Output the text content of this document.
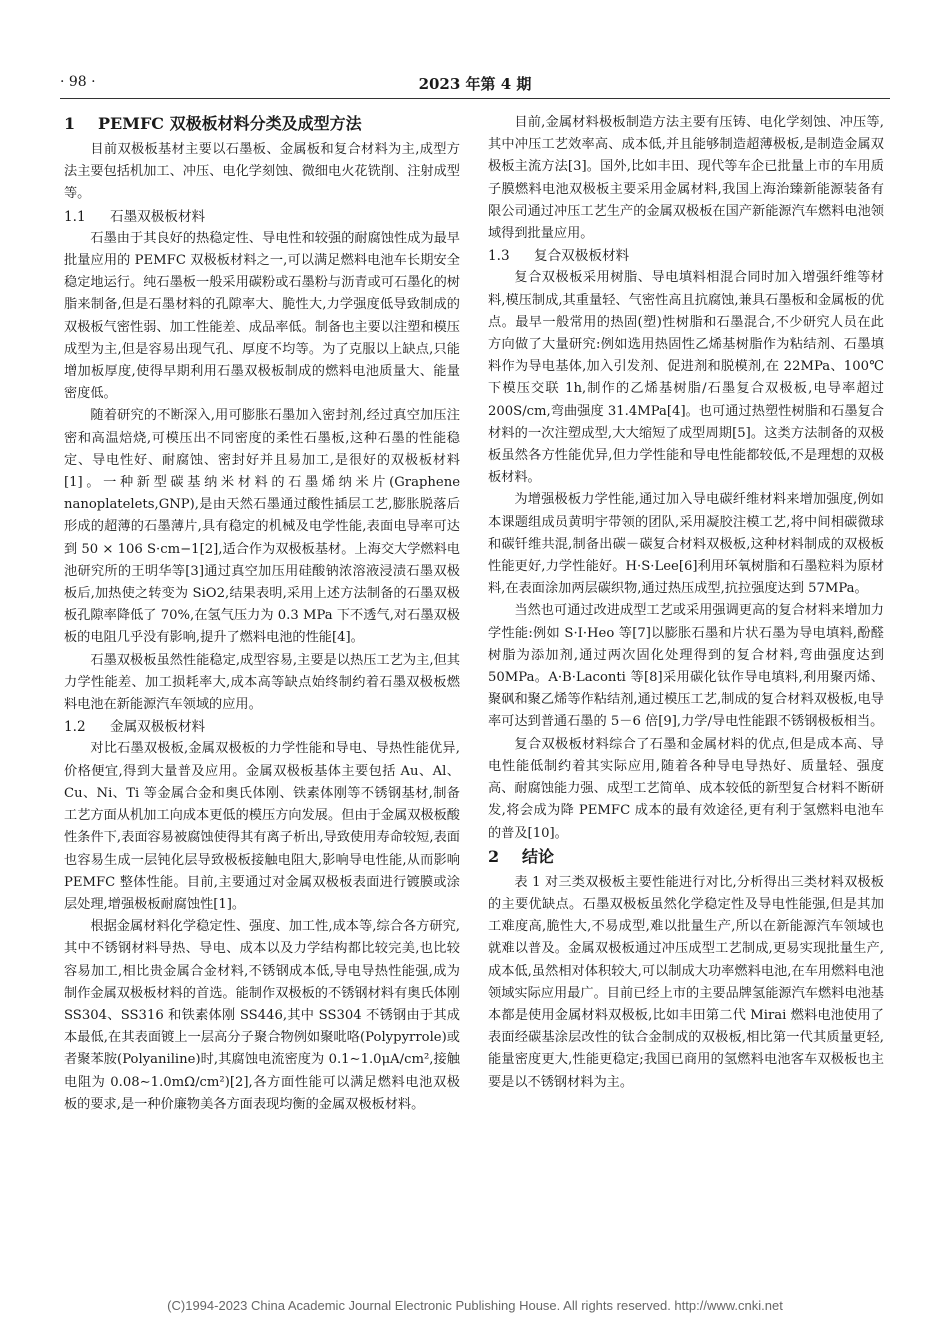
· 98 ·	2023 年第 4 期
1 PEMFC 双极板材料分类及成型方法

目前双极板基材主要以石墨板、金属板和复合材料为主,成型方法主要包括机加工、冲压、电化学刻蚀、微细电火花铣削、注射成型等。

1.1 石墨双极板材料

石墨由于其良好的热稳定性、导电性和较强的耐腐蚀性成为最早批量应用的 PEMFC 双极板材料之一,可以满足燃料电池车长期安全稳定地运行。纯石墨板一般采用碳粉或石墨粉与沥青或可石墨化的树脂来制备,但是石墨材料的孔隙率大、脆性大,力学强度低导致制成的双极板气密性弱、加工性能差、成品率低。制备也主要以注塑和模压成型为主,但是容易出现气孔、厚度不均等。为了克服以上缺点,只能增加板厚度,使得早期利用石墨双极板制成的燃料电池质量大、能量密度低。

随着研究的不断深入,用可膨胀石墨加入密封剂,经过真空加压注密和高温焙烧,可模压出不同密度的柔性石墨板,这种石墨的性能稳定、导电性好、耐腐蚀、密封好并且易加工,是很好的双极板材料[1]。一种新型碳基纳米材料的石墨烯纳米片(Graphene nanoplatelets,GNP),是由天然石墨通过酸性插层工艺,膨胀脱落后形成的超薄的石墨薄片,具有稳定的机械及电学性能,表面电导率可达到 50 × 106 S·cm−1[2],适合作为双极板基材。上海交大学燃料电池研究所的王明华等[3]通过真空加压用硅酸钠浓溶液浸渍石墨双极板后,加热使之转变为 SiO2,结果表明,采用上述方法制备的石墨双极板孔隙率降低了 70%,在氢气压力为 0.3 MPa 下不透气,对石墨双极板的电阻几乎没有影响,提升了燃料电池的性能[4]。

石墨双极板虽然性能稳定,成型容易,主要是以热压工艺为主,但其力学性能差、加工损耗率大,成本高等缺点始终制约着石墨双极板燃料电池在新能源汽车领域的应用。

1.2 金属双极板材料

对比石墨双极板,金属双极板的力学性能和导电、导热性能优异,价格便宜,得到大量普及应用。金属双极板基体主要包括 Au、Al、Cu、Ni、Ti 等金属合金和奥氏体刚、铁素体刚等不锈钢基材,制备工艺方面从机加工向成本更低的模压方向发展。但由于金属双极板酸性条件下,表面容易被腐蚀使得其有离子析出,导致使用寿命较短,表面也容易生成一层钝化层导致极板接触电阻大,影响导电性能,从而影响 PEMFC 整体性能。目前,主要通过对金属双极板表面进行镀膜或涂层处理,增强极板耐腐蚀性[1]。

根据金属材料化学稳定性、强度、加工性,成本等,综合各方研究,其中不锈钢材料导热、导电、成本以及力学结构都比较完美,也比较容易加工,相比贵金属合金材料,不锈钢成本低,导电导热性能强,成为制作金属双极板材料的首选。能制作双极板的不锈钢材料有奥氏体刚 SS304、SS316 和铁素体刚 SS446,其中 SS304 不锈钢由于其成本最低,在其表面镀上一层高分子聚合物例如聚吡咯(Polypyrrole)或者聚苯胺(Polyaniline)时,其腐蚀电流密度为 0.1∼1.0μA/cm²,接触电阻为 0.08∼1.0mΩ/cm²)[2],各方面性能可以满足燃料电池双极板的要求,是一种价廉物美各方面表现均衡的金属双极板材料。

目前,金属材料极板制造方法主要有压铸、电化学刻蚀、冲压等,其中冲压工艺效率高、成本低,并且能够制造超薄极板,是制造金属双极板主流方法[3]。国外,比如丰田、现代等车企已批量上市的车用质子膜燃料电池双极板主要采用金属材料,我国上海治臻新能源装备有限公司通过冲压工艺生产的金属双极板在国产新能源汽车燃料电池领域得到批量应用。

1.3 复合双极板材料

复合双极板采用树脂、导电填料相混合同时加入增强纤维等材料,模压制成,其重量轻、气密性高且抗腐蚀,兼具石墨板和金属板的优点。最早一般常用的热固(塑)性树脂和石墨混合,不少研究人员在此方向做了大量研究:例如选用热固性乙烯基树脂作为粘结剂、石墨填料作为导电基体,加入引发剂、促进剂和脱模剂,在 22MPa、100℃下模压交联 1h,制作的乙烯基树脂/石墨复合双极板,电导率超过 200S/cm,弯曲强度 31.4MPa[4]。也可通过热塑性树脂和石墨复合材料的一次注塑成型,大大缩短了成型周期[5]。这类方法制备的双极板虽然各方性能优异,但力学性能和导电性能都较低,不是理想的双极板材料。

为增强极板力学性能,通过加入导电碳纤维材料来增加强度,例如本课题组成员黄明宇带领的团队,采用凝胶注模工艺,将中间相碳微球和碳钎维共混,制备出碳－碳复合材料双极板,这种材料制成的双极板性能更好,力学性能好。H·S·Lee[6]利用环氧树脂和石墨粒料为原材料,在表面涂加两层碳织物,通过热压成型,抗拉强度达到 57MPa。

当然也可通过改进成型工艺或采用强调更高的复合材料来增加力学性能:例如 S·I·Heo 等[7]以膨胀石墨和片状石墨为导电填料,酚醛树脂为添加剂,通过两次固化处理得到的复合材料,弯曲强度达到 50MPa。A·B·Laconti 等[8]采用碳化钛作导电填料,利用聚丙烯、聚砜和聚乙烯等作粘结剂,通过模压工艺,制成的复合材料双极板,电导率可达到普通石墨的 5－6 倍[9],力学/导电性能跟不锈钢极板相当。

复合双极板材料综合了石墨和金属材料的优点,但是成本高、导电性能低制约着其实际应用,随着各种导电导热好、质量轻、强度高、耐腐蚀能力强、成型工艺简单、成本较低的新型复合材料不断研发,将会成为降 PEMFC 成本的最有效途径,更有利于氢燃料电池车的普及[10]。

2 结论

表 1 对三类双极板主要性能进行对比,分析得出三类材料双极板的主要优缺点。石墨双极板虽然化学稳定性及导电性能强,但是其加工难度高,脆性大,不易成型,难以批量生产,所以在新能源汽车领域也就难以普及。金属双极板通过冲压成型工艺制成,更易实现批量生产,成本低,虽然相对体积较大,可以制成大功率燃料电池,在车用燃料电池领域实际应用最广。目前已经上市的主要品牌氢能源汽车燃料电池基本都是使用金属材料双极板,比如丰田第二代 Mirai 燃料电池使用了表面经碳基涂层改性的钛合金制成的双极板,相比第一代其质量更轻,能量密度更大,性能更稳定;我国已商用的氢燃料电池客车双极板也主要是以不锈钢材料为主。

(C)1994-2023 China Academic Journal Electronic Publishing House. All rights reserved. http://www.cnki.net
